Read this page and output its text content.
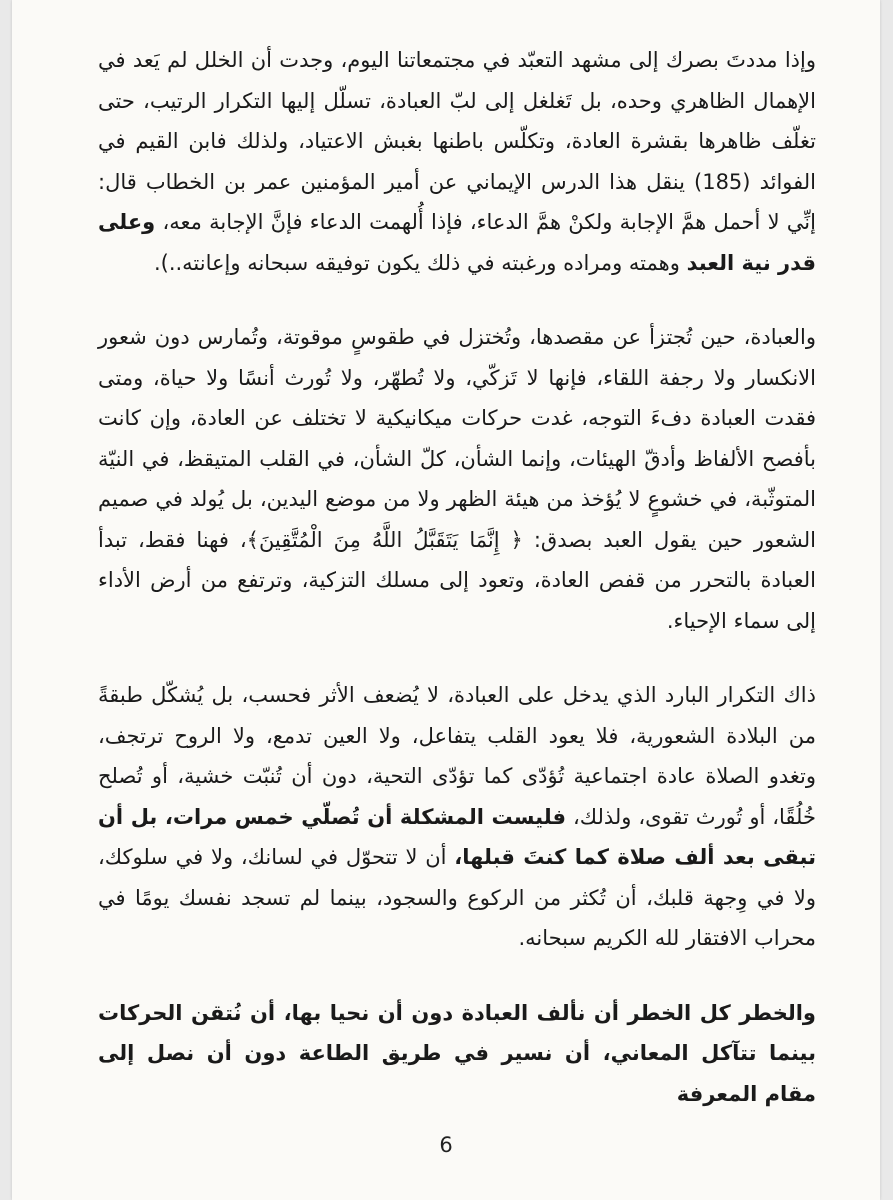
وإذا مددتَ بصرك إلى مشهد التعبّد في مجتمعاتنا اليوم، وجدت أن الخلل لم يَعد في الإهمال الظاهري وحده، بل تَغلغل إلى لبّ العبادة، تسلّل إليها التكرار الرتيب، حتى تغلّف ظاهرها بقشرة العادة، وتكلّس باطنها بغبش الاعتياد، ولذلك فابن القيم في الفوائد (185) ينقل هذا الدرس الإيماني عن أمير المؤمنين عمر بن الخطاب قال: إنِّي لا أحمل همَّ الإجابة ولكنْ همَّ الدعاء، فإذا أُلهمت الدعاء فإنَّ الإجابة معه، وعلى قدر نية العبد وهمته ومراده ورغبته في ذلك يكون توفيقه سبحانه وإعانته..).

والعبادة، حين تُجتزأ عن مقصدها، وتُختزل في طقوسٍ موقوتة، وتُمارس دون شعور الانكسار ولا رجفة اللقاء، فإنها لا تَزكّي، ولا تُطهّر، ولا تُورث أنسًا ولا حياة، ومتى فقدت العبادة دفءَ التوجه، غدت حركات ميكانيكية لا تختلف عن العادة، وإن كانت بأفصح الألفاظ وأدقّ الهيئات، وإنما الشأن، كلّ الشأن، في القلب المتيقظ، في النيّة المتوثّبة، في خشوعٍ لا يُؤخذ من هيئة الظهر ولا من موضع اليدين، بل يُولد في صميم الشعور حين يقول العبد بصدق: ﴿ إِنَّمَا يَتَقَبَّلُ اللَّهُ مِنَ الْمُتَّقِينَ﴾، فهنا فقط، تبدأ العبادة بالتحرر من قفص العادة، وتعود إلى مسلك التزكية، وترتفع من أرض الأداء إلى سماء الإحياء.

ذاك التكرار البارد الذي يدخل على العبادة، لا يُضعف الأثر فحسب، بل يُشكّل طبقةً من البلادة الشعورية، فلا يعود القلب يتفاعل، ولا العين تدمع، ولا الروح ترتجف، وتغدو الصلاة عادة اجتماعية تُؤدّى كما تؤدّى التحية، دون أن تُنبّت خشية، أو تُصلح خُلُقًا، أو تُورث تقوى، ولذلك، فليست المشكلة أن تُصلّي خمس مرات، بل أن تبقى بعد ألف صلاة كما كنتَ قبلها، أن لا تتحوّل في لسانك، ولا في سلوكك، ولا في وِجهة قلبك، أن تُكثر من الركوع والسجود، بينما لم تسجد نفسك يومًا في محراب الافتقار لله الكريم سبحانه.

والخطر كل الخطر أن نألف العبادة دون أن نحيا بها، أن نُتقن الحركات بينما تتآكل المعاني، أن نسير في طريق الطاعة دون أن نصل إلى مقام المعرفة

6
